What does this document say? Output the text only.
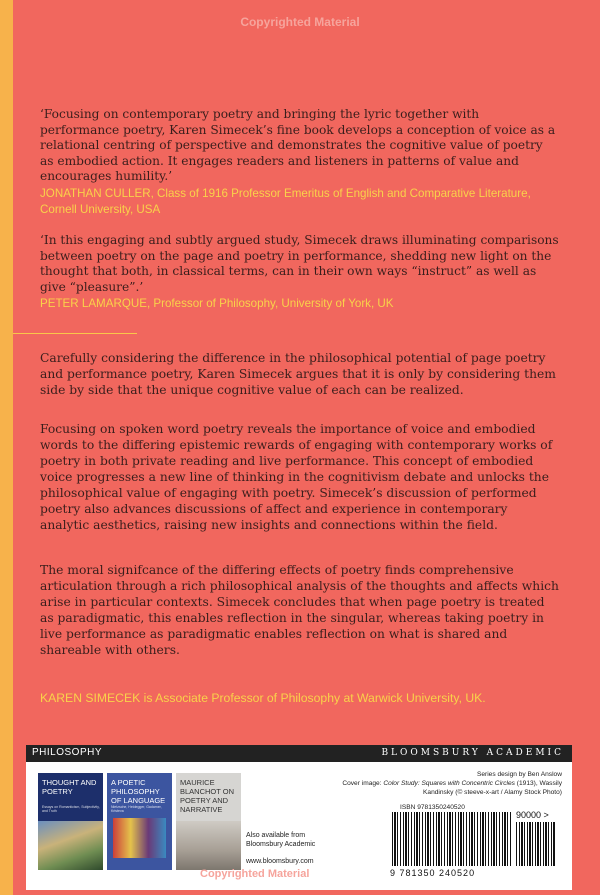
Copyrighted Material
‘Focusing on contemporary poetry and bringing the lyric together with performance poetry, Karen Simecek’s fine book develops a conception of voice as a relational centring of perspective and demonstrates the cognitive value of poetry as embodied action. It engages readers and listeners in patterns of value and encourages humility.’
JONATHAN CULLER, Class of 1916 Professor Emeritus of English and Comparative Literature, Cornell University, USA
‘In this engaging and subtly argued study, Simecek draws illuminating comparisons between poetry on the page and poetry in performance, shedding new light on the thought that both, in classical terms, can in their own ways “instruct” as well as give “pleasure”.’
PETER LAMARQUE, Professor of Philosophy, University of York, UK

Carefully considering the difference in the philosophical potential of page poetry and performance poetry, Karen Simecek argues that it is only by considering them side by side that the unique cognitive value of each can be realized.

Focusing on spoken word poetry reveals the importance of voice and embodied words to the differing epistemic rewards of engaging with contemporary works of poetry in both private reading and live performance. This concept of embodied voice progresses a new line of thinking in the cognitivism debate and unlocks the philosophical value of engaging with poetry. Simecek’s discussion of performed poetry also advances discussions of affect and experience in contemporary analytic aesthetics, raising new insights and connections within the field.

The moral signifcance of the differing effects of poetry finds comprehensive articulation through a rich philosophical analysis of the thoughts and affects which arise in particular contexts. Simecek concludes that when page poetry is treated as paradigmatic, this enables reflection in the singular, whereas taking poetry in live performance as paradigmatic enables reflection on what is shared and shareable with others.

KAREN SIMECEK is Associate Professor of Philosophy at Warwick University, UK.
PHILOSOPHY	BLOOMSBURY ACADEMIC
THOUGHT AND POETRY
Essays on Romanticism, Subjectivity, and Truth
A POETIC PHILOSOPHY OF LANGUAGE
Nietzsche, Heidegger, Gadamer, Kristeva
MAURICE BLANCHOT ON POETRY AND NARRATIVE
Also available from Bloomsbury Academic
www.bloomsbury.com
Copyrighted Material
Series design by Ben Anslow
Cover image: Color Study: Squares with Concentric Circles (1913), Wassily Kandinsky (© steeve-x-art / Alamy Stock Photo)
ISBN 9781350240520
9 781350 240520
90000 >
